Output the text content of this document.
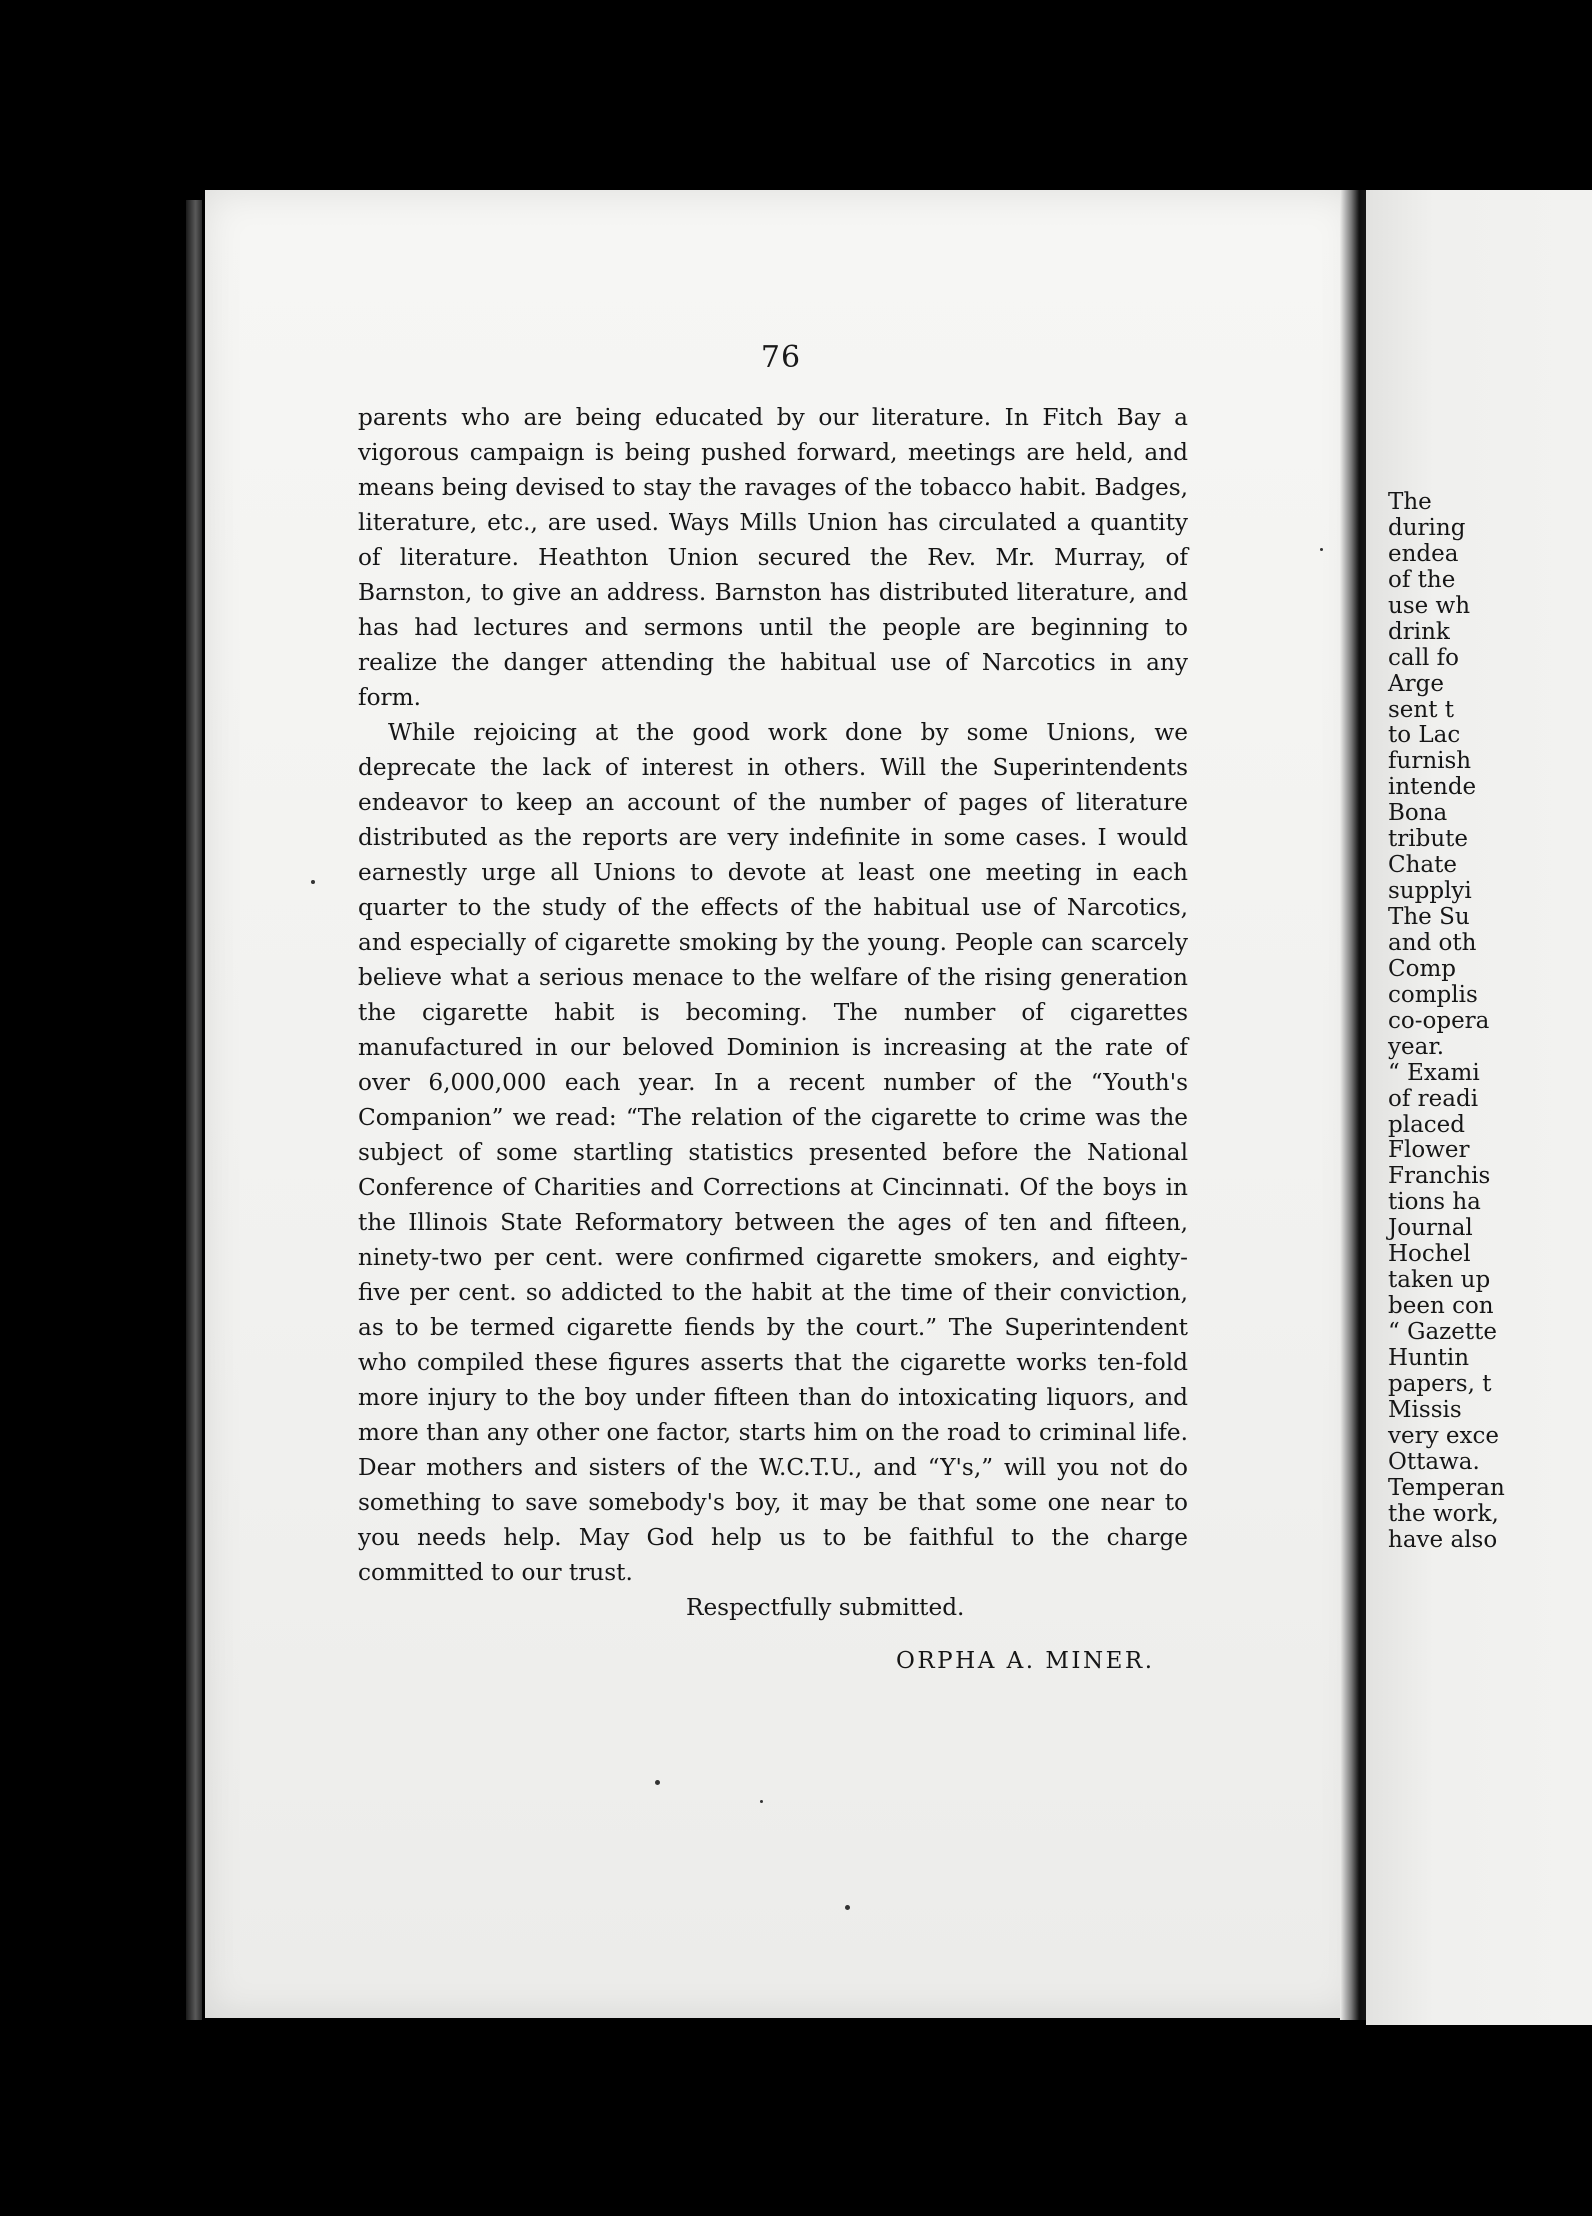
76

parents who are being educated by our literature. In Fitch Bay a vigorous campaign is being pushed forward, meetings are held, and means being devised to stay the ravages of the tobacco habit. Badges, literature, etc., are used. Ways Mills Union has circulated a quantity of literature. Heathton Union secured the Rev. Mr. Murray, of Barnston, to give an address. Barnston has distributed literature, and has had lectures and sermons until the people are beginning to realize the danger attending the habitual use of Narcotics in any form.

While rejoicing at the good work done by some Unions, we deprecate the lack of interest in others. Will the Superintendents endeavor to keep an account of the number of pages of literature distributed as the reports are very indefinite in some cases. I would earnestly urge all Unions to devote at least one meeting in each quarter to the study of the effects of the habitual use of Narcotics, and especially of cigarette smoking by the young. People can scarcely believe what a serious menace to the welfare of the rising generation the cigarette habit is becoming. The number of cigarettes manufactured in our beloved Dominion is increasing at the rate of over 6,000,000 each year. In a recent number of the “Youth's Companion” we read: “The relation of the cigarette to crime was the subject of some startling statistics presented before the National Conference of Charities and Corrections at Cincinnati. Of the boys in the Illinois State Reformatory between the ages of ten and fifteen, ninety-two per cent. were confirmed cigarette smokers, and eighty-five per cent. so addicted to the habit at the time of their conviction, as to be termed cigarette fiends by the court.” The Superintendent who compiled these figures asserts that the cigarette works ten-fold more injury to the boy under fifteen than do intoxicating liquors, and more than any other one factor, starts him on the road to criminal life. Dear mothers and sisters of the W.C.T.U., and “Y's,” will you not do something to save somebody's boy, it may be that some one near to you needs help. May God help us to be faithful to the charge committed to our trust.

Respectfully submitted.
ORPHA A. MINER.
The
during
endea
of the
use wh
drink
call fo
Arge
sent t
to Lac
furnish
intende
Bona
tribute
Chate
supplyi
The Su
and oth
Comp
complis
co-opera
year.
“ Exami
of readi
placed
Flower
Franchis
tions ha
Journal
Hochel
taken up
been con
“ Gazette
Huntin
papers, t
Missis
very exce
Ottawa.
Temperan
the work,
have also
